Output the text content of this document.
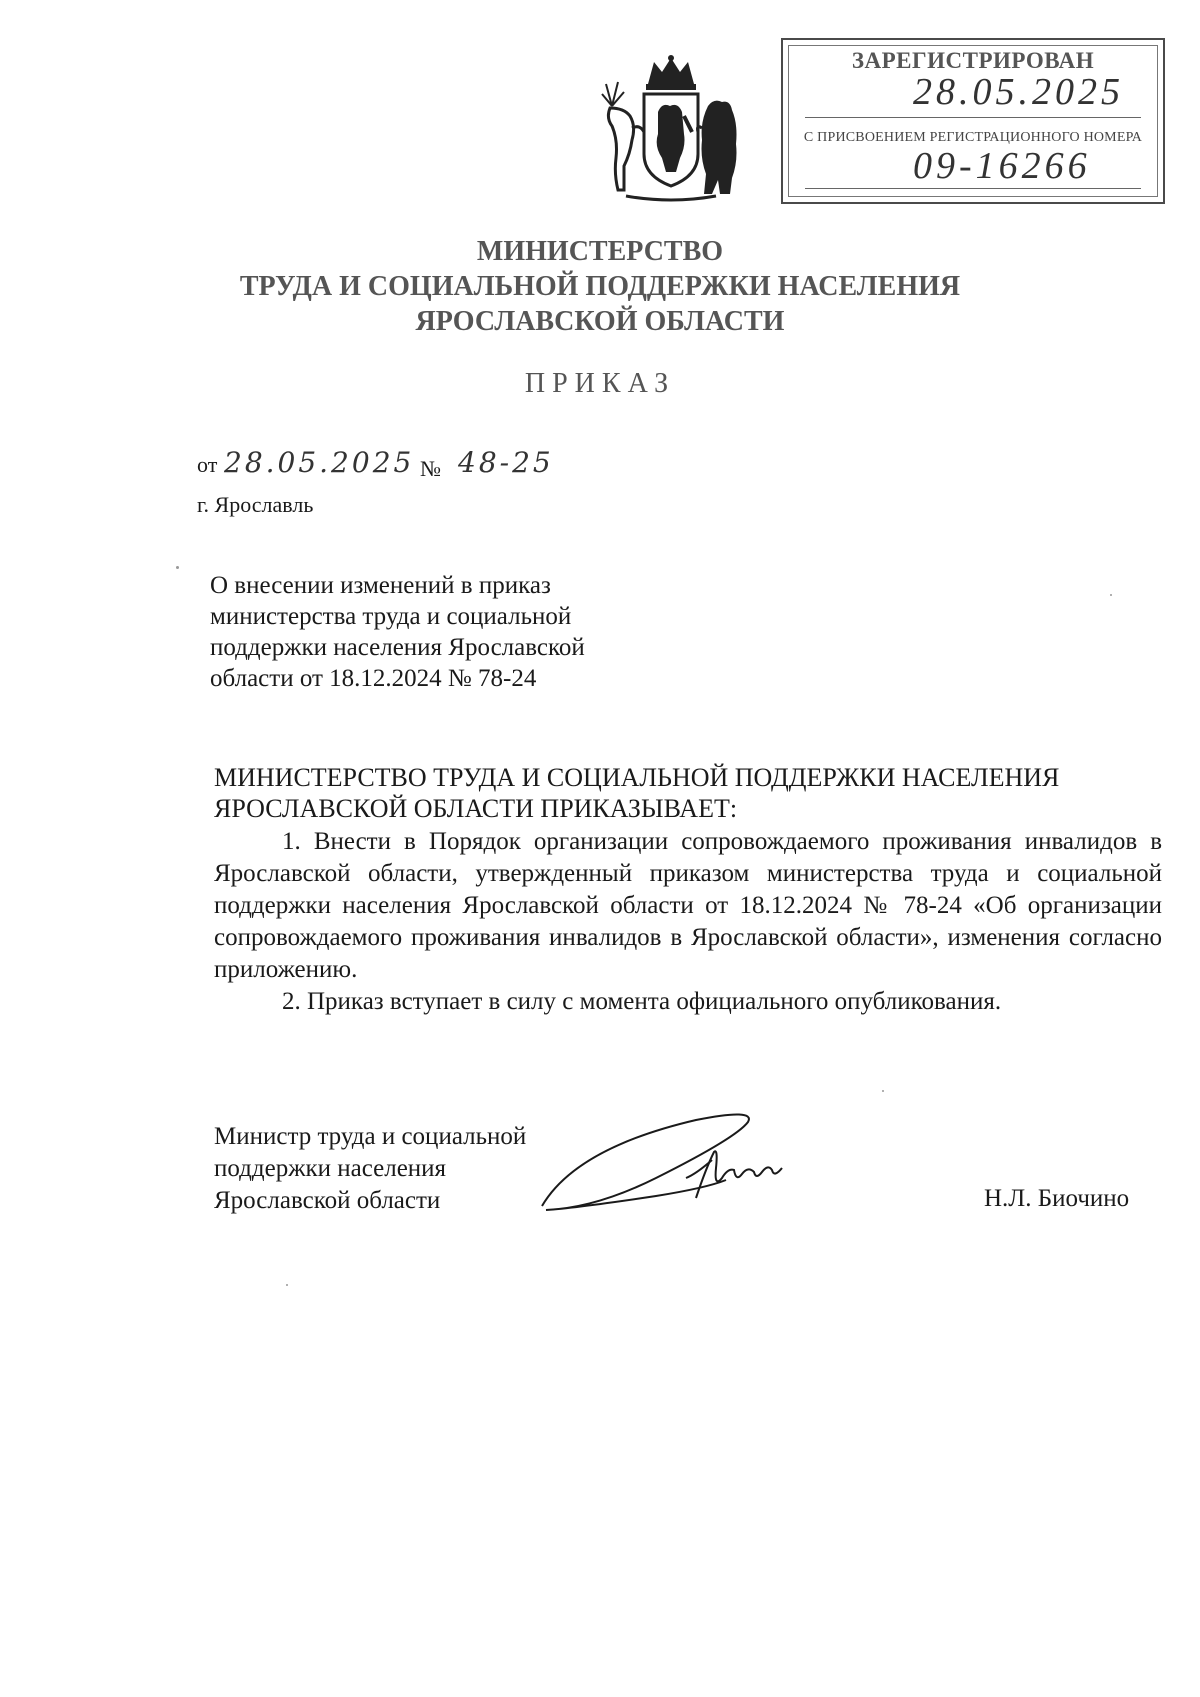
ЗАРЕГИСТРИРОВАН
28.05.2025
С ПРИСВОЕНИЕМ РЕГИСТРАЦИОННОГО НОМЕРА
09-16266
МИНИСТЕРСТВО
ТРУДА И СОЦИАЛЬНОЙ ПОДДЕРЖКИ НАСЕЛЕНИЯ
ЯРОСЛАВСКОЙ ОБЛАСТИ
ПРИКАЗ
от 28.05.2025 № 48-25
г. Ярославль
О внесении изменений в приказ
министерства труда и социальной
поддержки населения Ярославской
области от 18.12.2024 № 78-24
МИНИСТЕРСТВО ТРУДА И СОЦИАЛЬНОЙ ПОДДЕРЖКИ НАСЕЛЕНИЯ ЯРОСЛАВСКОЙ ОБЛАСТИ ПРИКАЗЫВАЕТ:
1. Внести в Порядок организации сопровождаемого проживания инвалидов в Ярославской области, утвержденный приказом министерства труда и социальной поддержки населения Ярославской области от 18.12.2024 № 78-24 «Об организации сопровождаемого проживания инвалидов в Ярославской области», изменения согласно приложению.
2. Приказ вступает в силу с момента официального опубликования.
Министр труда и социальной
поддержки населения
Ярославской области	Н.Л. Биочино
